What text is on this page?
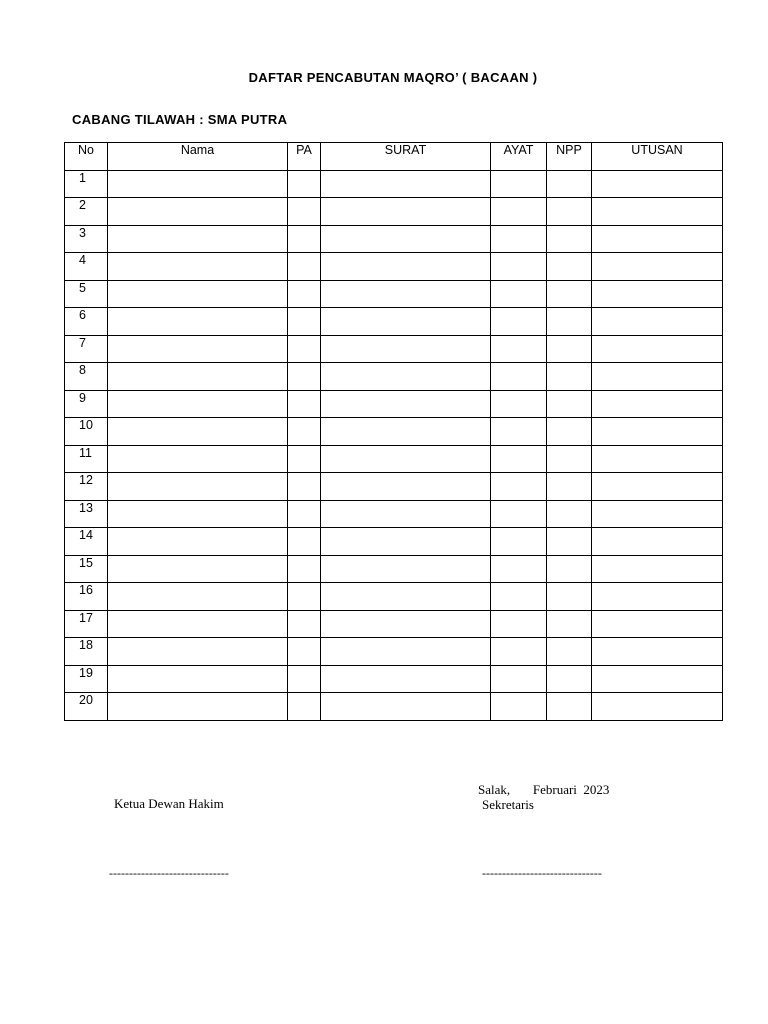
DAFTAR PENCABUTAN MAQRO’ ( BACAAN )
CABANG TILAWAH : SMA PUTRA
No	Nama	PA	SURAT	AYAT	NPP	UTUSAN
1						
2						
3						
4						
5						
6						
7						
8						
9						
10						
11						
12						
13						
14						
15						
16						
17						
18						
19						
20						
Salak,       Februari  2023
Ketua Dewan Hakim	Sekretaris
------------------------------	------------------------------
